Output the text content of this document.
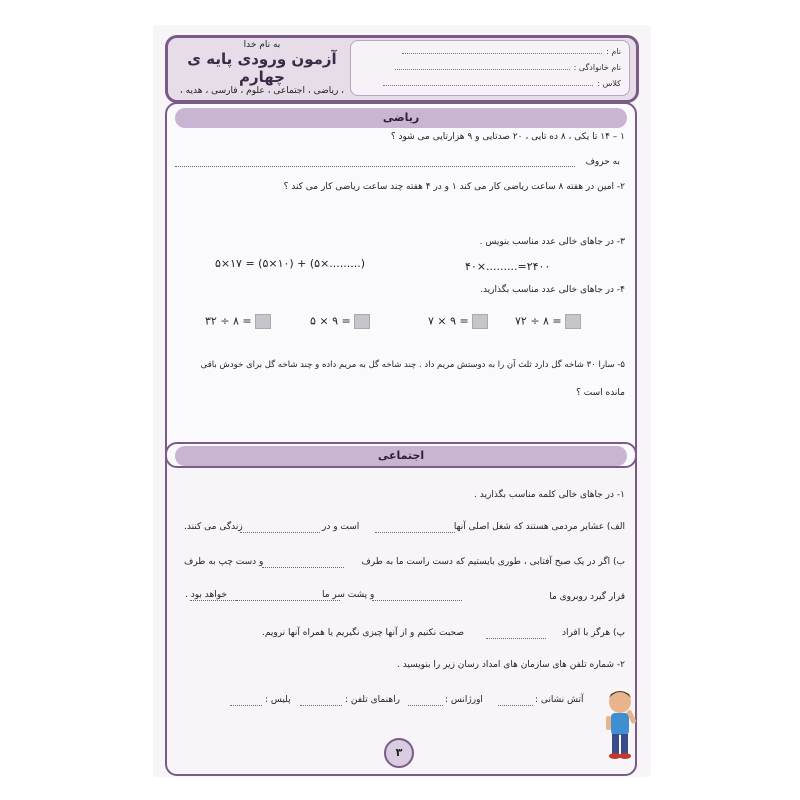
به نام خدا
آزمون ورودی پایه ی چهارم
، ریاضی ، اجتماعی ، علوم ، فارسی ، هدیه ،
نام :
نام خانوادگی :
کلاس :
ریاضی
۱ – ۱۴ تا یکی ، ۸ ده تایی ، ۲۰ صدتایی و ۹ هزارتایی می شود ؟
به حروف
۲- امین در هفته ۸ ساعت ریاضی کار می کند ۱ و در ۴ هفته چند ساعت ریاضی کار می کند ؟
۳- در جاهای خالی عدد مناسب بنویس .
۵×۱۷ = (۵×۱۰) + (۵×.........)	۴۰×.........=۲۴۰۰
۴- در جاهای خالی عدد مناسب بگذارید.
۳۲ ÷ ۸ =	۵ × ۹ =	۷ × ۹ =	۷۲ ÷ ۸ =
۵- سارا ۳۰ شاخه گل دارد ثلث آن را به دوستش مریم داد . چند شاخه گل به مریم داده و چند شاخه گل برای خودش باقی
مانده است ؟
اجتماعی
۱- در جاهای خالی کلمه مناسب بگذارید .
الف) عشایر مردمی هستند که شغل اصلی آنها
است و در
زندگی می کنند.
ب) اگر در یک صبح آفتابی ، طوری بایستیم که دست راست ما به طرف
و دست چپ به طرف
قرار گیرد روبروی ما
و پشت سر ما
خواهد بود .
پ) هرگز با افراد
صحبت نکنیم و از آنها چیزی نگیریم یا همراه آنها نرویم.
۲- شماره تلفن های سازمان های امداد رسان زیر را بنویسید .
آتش نشانی :
اورژانس :
راهنمای تلفن :
پلیس :
۳
